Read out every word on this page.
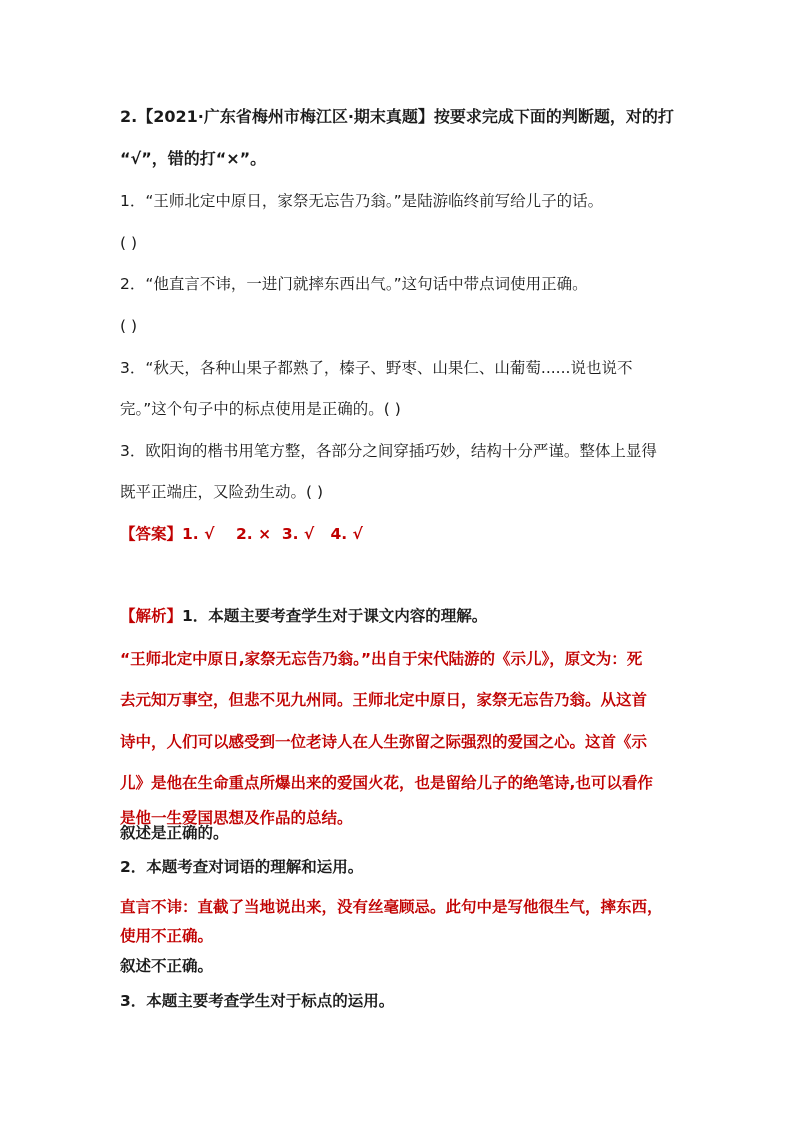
2.【2021·广东省梅州市梅江区·期末真题】按要求完成下面的判断题，对的打
“√”，错的打“×”。
1．“王师北定中原日，家祭无忘告乃翁。”是陆游临终前写给儿子的话。
( )
2．“他直言不讳，一进门就摔东西出气。”这句话中带点词使用正确。
( )
3．“秋天，各种山果子都熟了，榛子、野枣、山果仁、山葡萄......说也说不
完。”这个句子中的标点使用是正确的。( )
3．欧阳询的楷书用笔方整，各部分之间穿插巧妙，结构十分严谨。整体上显得
既平正端庄，又险劲生动。( )
【答案】1. √    2. ×  3. √   4. √
【解析】1．本题主要考查学生对于课文内容的理解。
“王师北定中原日,家祭无忘告乃翁。”出自于宋代陆游的《示儿》，原文为：死
去元知万事空，但悲不见九州同。王师北定中原日，家祭无忘告乃翁。从这首
诗中，人们可以感受到一位老诗人在人生弥留之际强烈的爱国之心。这首《示
儿》是他在生命重点所爆出来的爱国火花，也是留给儿子的绝笔诗,也可以看作
是他一生爱国思想及作品的总结。
叙述是正确的。
2．本题考查对词语的理解和运用。
直言不讳：直截了当地说出来，没有丝毫顾忌。此句中是写他很生气，摔东西，
使用不正确。
叙述不正确。
3．本题主要考查学生对于标点的运用。
